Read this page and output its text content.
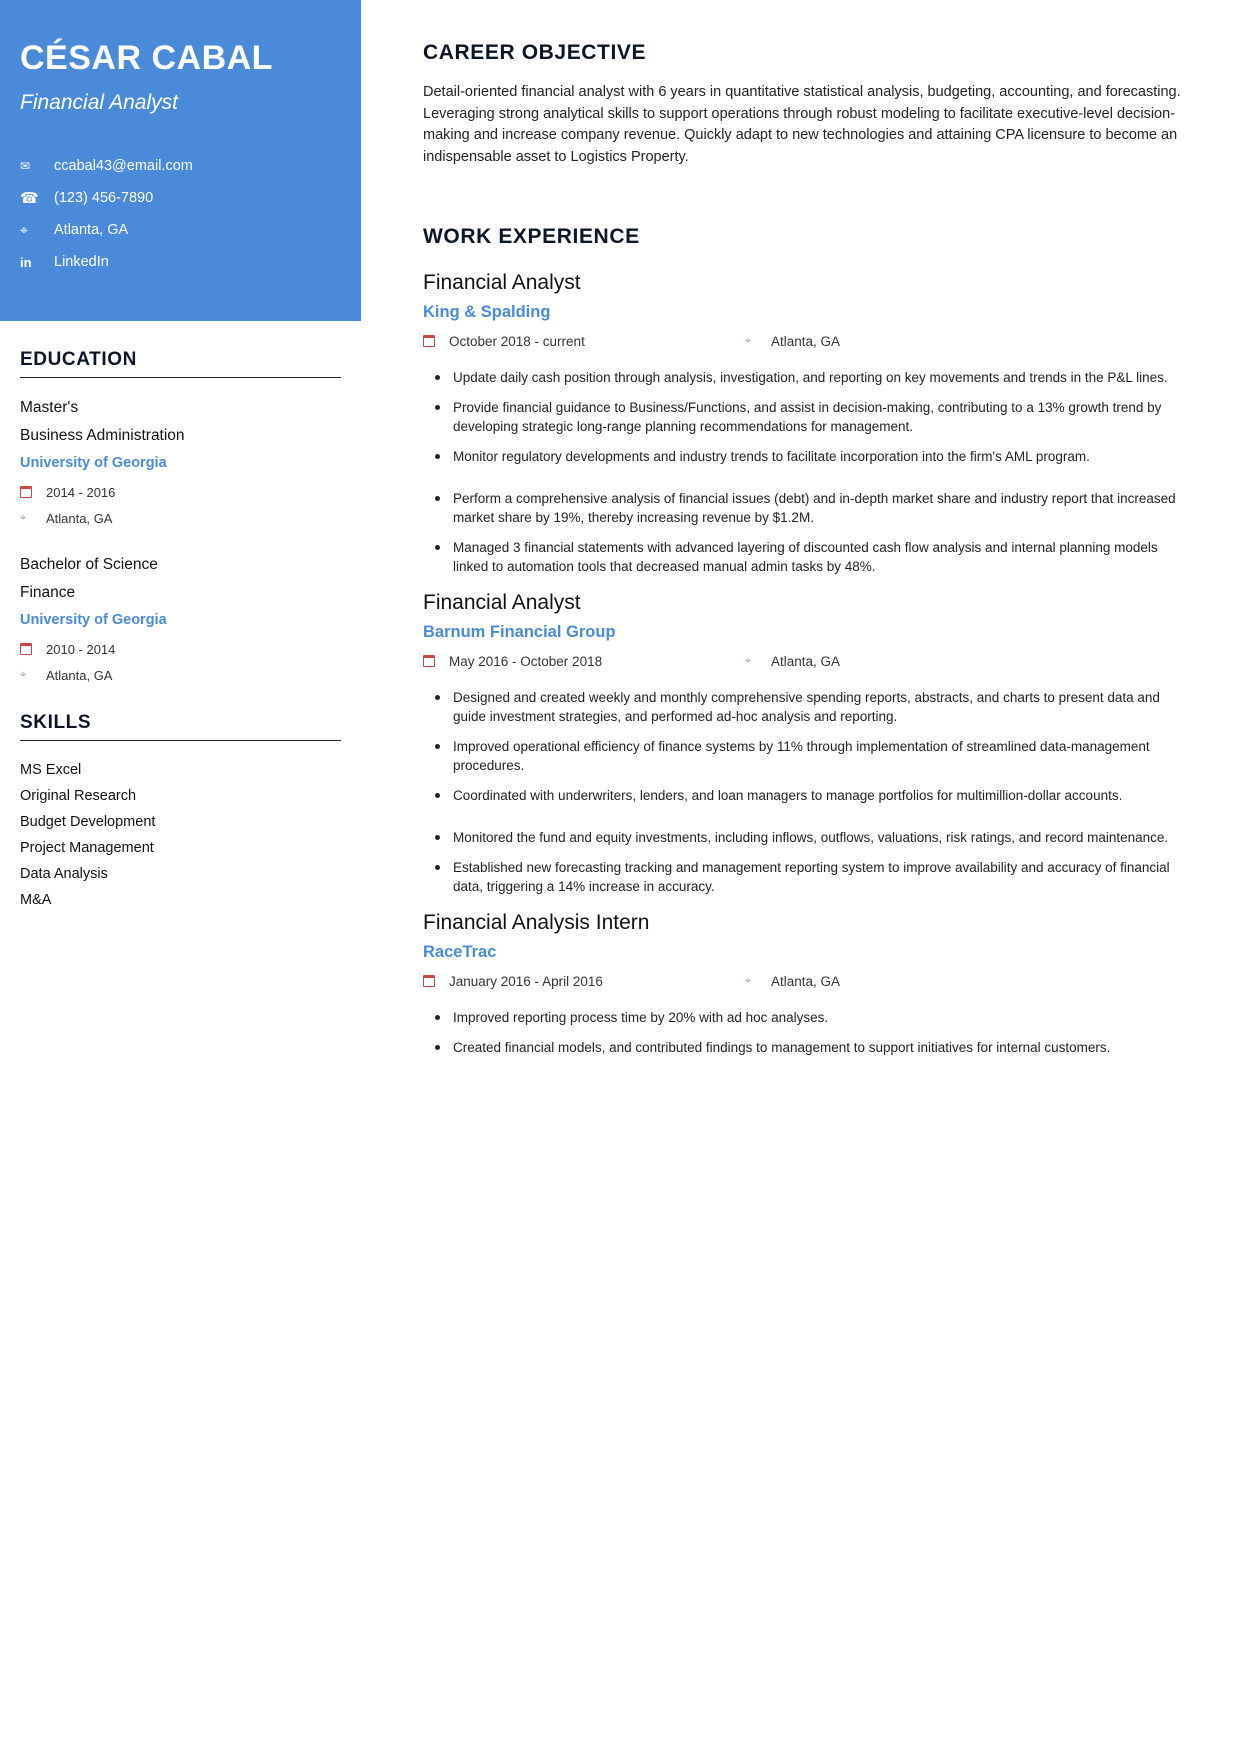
CÉSAR CABAL
Financial Analyst
✉	ccabal43@email.com
☎	(123) 456-7890
⌖	Atlanta, GA
in	LinkedIn
EDUCATION
Master's
Business Administration
University of Georgia
2014 - 2016
⌖	Atlanta, GA
Bachelor of Science
Finance
University of Georgia
2010 - 2014
⌖	Atlanta, GA
SKILLS
MS Excel
Original Research
Budget Development
Project Management
Data Analysis
M&A
CAREER OBJECTIVE

Detail-oriented financial analyst with 6 years in quantitative statistical analysis, budgeting, accounting, and forecasting. Leveraging strong analytical skills to support operations through robust modeling to facilitate executive-level decision-making and increase company revenue. Quickly adapt to new technologies and attaining CPA licensure to become an indispensable asset to Logistics Property.

WORK EXPERIENCE
Financial Analyst
King & Spalding
October 2018 - current	⌖	Atlanta, GA
Update daily cash position through analysis, investigation, and reporting on key movements and trends in the P&L lines.
Provide financial guidance to Business/Functions, and assist in decision-making, contributing to a 13% growth trend by developing strategic long-range planning recommendations for management.
Monitor regulatory developments and industry trends to facilitate incorporation into the firm's AML program.
Perform a comprehensive analysis of financial issues (debt) and in-depth market share and industry report that increased market share by 19%, thereby increasing revenue by $1.2M.
Managed 3 financial statements with advanced layering of discounted cash flow analysis and internal planning models linked to automation tools that decreased manual admin tasks by 48%.
Financial Analyst
Barnum Financial Group
May 2016 - October 2018	⌖	Atlanta, GA
Designed and created weekly and monthly comprehensive spending reports, abstracts, and charts to present data and guide investment strategies, and performed ad-hoc analysis and reporting.
Improved operational efficiency of finance systems by 11% through implementation of streamlined data-management procedures.
Coordinated with underwriters, lenders, and loan managers to manage portfolios for multimillion-dollar accounts.
Monitored the fund and equity investments, including inflows, outflows, valuations, risk ratings, and record maintenance.
Established new forecasting tracking and management reporting system to improve availability and accuracy of financial data, triggering a 14% increase in accuracy.
Financial Analysis Intern
RaceTrac
January 2016 - April 2016	⌖	Atlanta, GA
Improved reporting process time by 20% with ad hoc analyses.
Created financial models, and contributed findings to management to support initiatives for internal customers.
